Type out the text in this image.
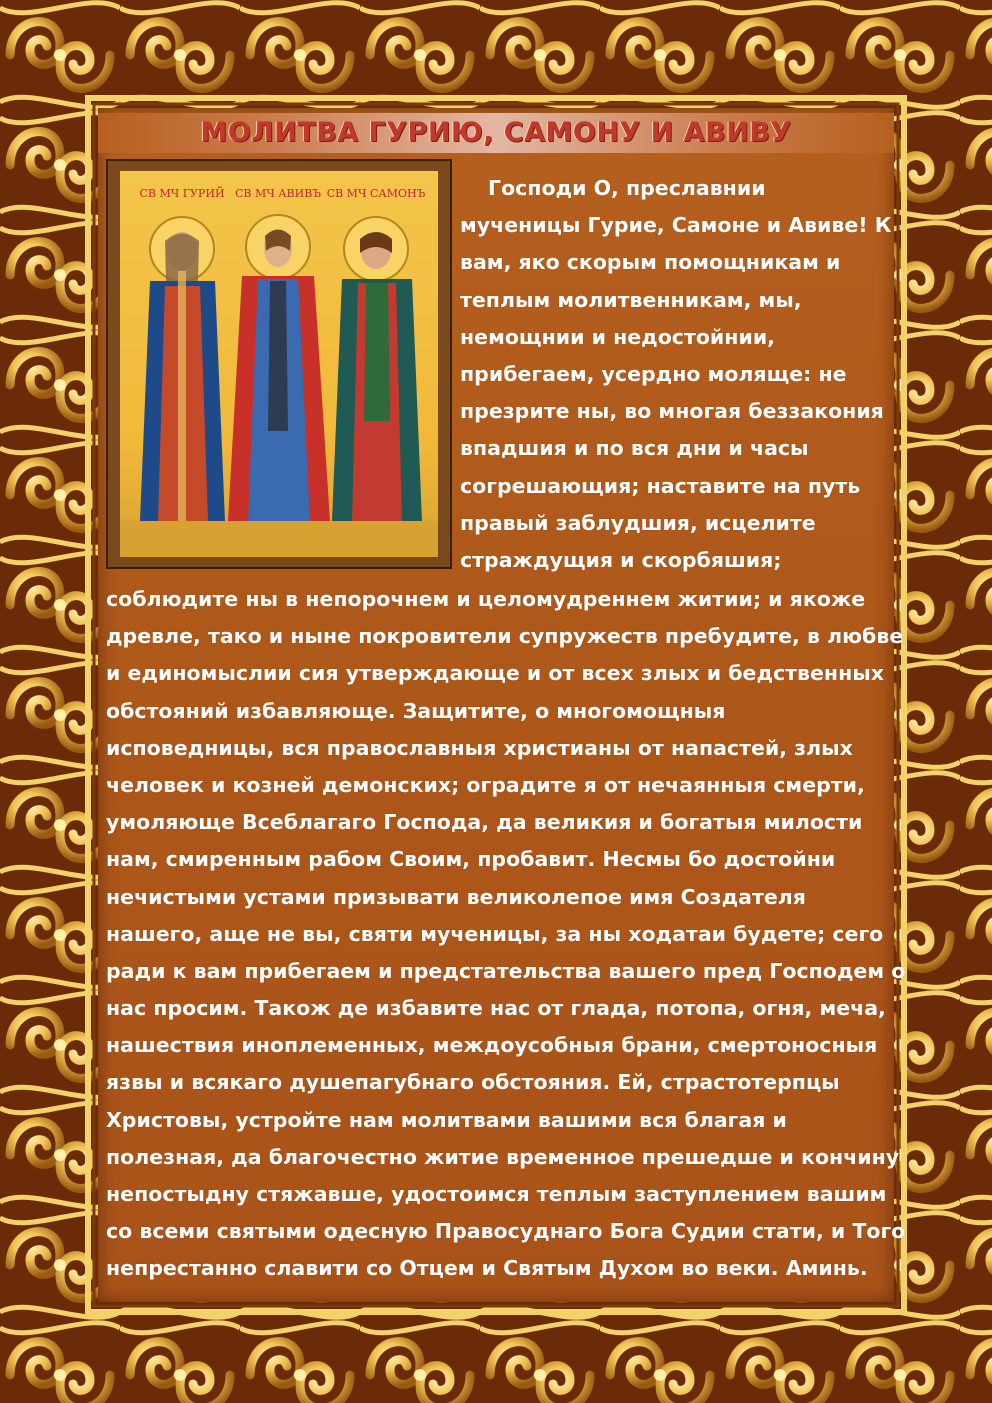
МОЛИТВА ГУРИЮ, САМОНУ И АВИВУ
СВ МЧ ГУРИЙ СВ МЧ АВИВЪ СВ МЧ САМОНЪ	Господи О, преславнии
мученицы Гурие, Самоне и Авиве! К
вам, яко скорым помощникам и
теплым молитвенникам, мы,
немощнии и недостойнии,
прибегаем, усердно моляще: не
презрите ны, во многая беззакония
впадшия и по вся дни и часы
согрешающия; наставите на путь
правый заблудшия, исцелите
страждущия и скорбяшия;
соблюдите ны в непорочнем и целомудреннем житии; и якоже
древле, тако и ныне покровители супружеств пребудите, в любве
и единомыслии сия утверждающе и от всех злых и бедственных
обстояний избавляюще. Защитите, о многомощныя
исповедницы, вся православныя христианы от напастей, злых
человек и козней демонских; оградите я от нечаянныя смерти,
умоляюще Всеблагаго Господа, да великия и богатыя милости
нам, смиренным рабом Своим, пробавит. Несмы бо достойни
нечистыми устами призывати великолепое имя Создателя
нашего, аще не вы, святи мученицы, за ны ходатаи будете; сего
ради к вам прибегаем и предстательства вашего пред Господем о
нас просим. Також де избавите нас от глада, потопа, огня, меча,
нашествия иноплеменных, междоусобныя брани, смертоносныя
язвы и всякаго душепагубнаго обстояния. Ей, страстотерпцы
Христовы, устройте нам молитвами вашими вся благая и
полезная, да благочестно житие временное прешедше и кончину
непостыдну стяжавше, удостоимся теплым заступлением вашим
со всеми святыми одесную Правосуднаго Бога Судии стати, и Того
непрестанно славити со Отцем и Святым Духом во веки. Аминь.
